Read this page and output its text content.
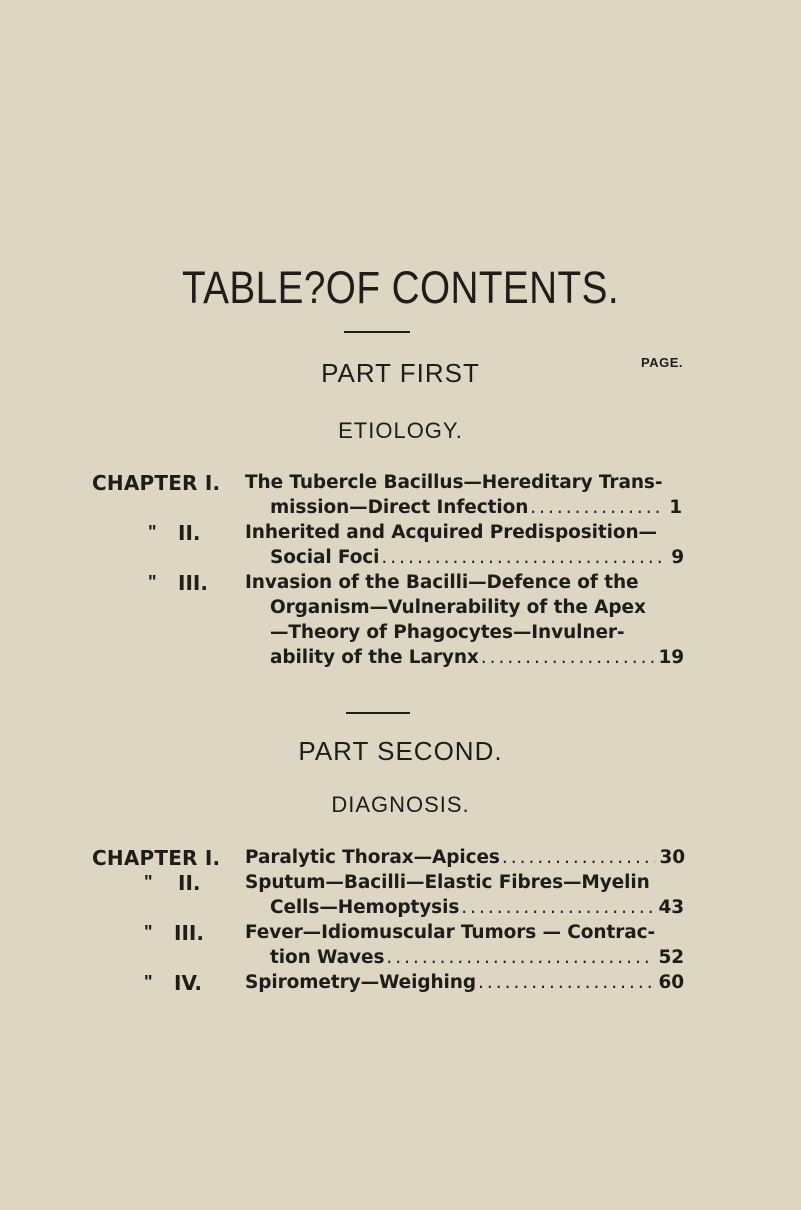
TABLE?OF CONTENTS.
PART FIRST
ETIOLOGY.
PAGE.
CHAPTER I. The Tubercle Bacillus—Hereditary Trans-
mission—Direct Infection .....	1
" II. Inherited and Acquired Predisposition—
Social Foci .....	9
" III. Invasion of the Bacilli—Defence of the
Organism—Vulnerability of the Apex
—Theory of Phagocytes—Invulner-
ability of the Larynx .....	19
PART SECOND.
DIAGNOSIS.
CHAPTER I. Paralytic Thorax—Apices .....	30
" II. Sputum—Bacilli—Elastic Fibres—Myelin
Cells—Hemoptysis .....	43
" III. Fever—Idiomuscular Tumors — Contrac-
tion Waves .....	52
" IV. Spirometry—Weighing .....	60
